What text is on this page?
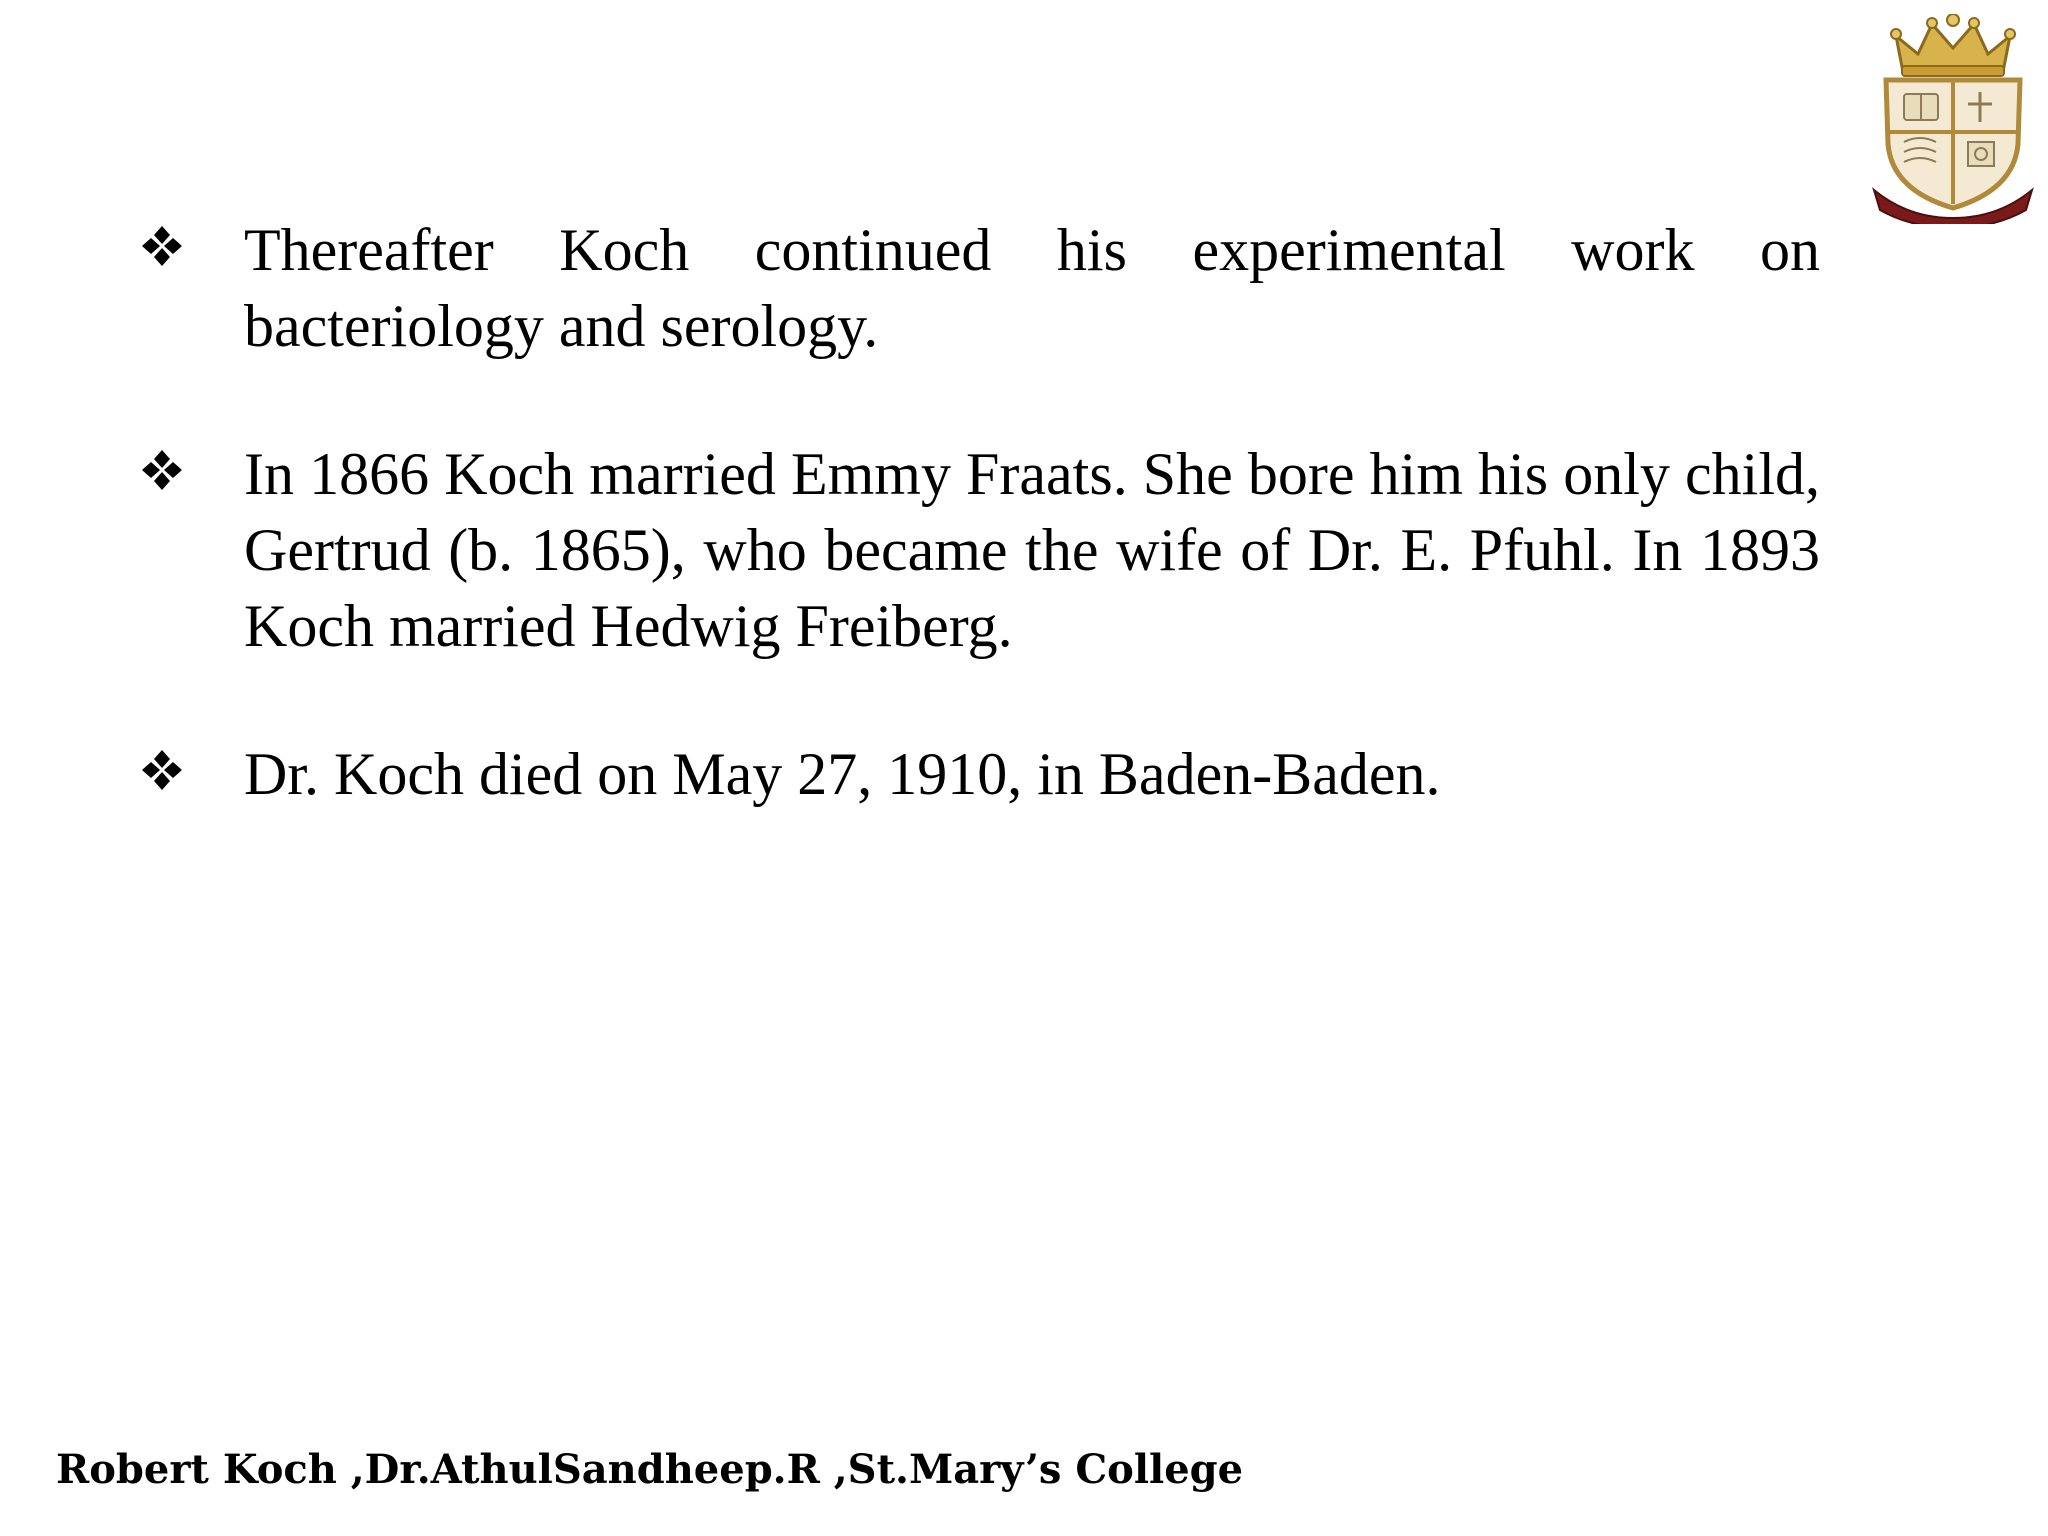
Thereafter Koch continued his experimental work on bacteriology and serology.
In 1866 Koch married Emmy Fraats. She bore him his only child, Gertrud (b. 1865), who became the wife of Dr. E. Pfuhl. In 1893 Koch married Hedwig Freiberg.
Dr. Koch died on May 27, 1910, in Baden-Baden.
Robert Koch ,Dr.AthulSandheep.R ,St.Mary’s College
